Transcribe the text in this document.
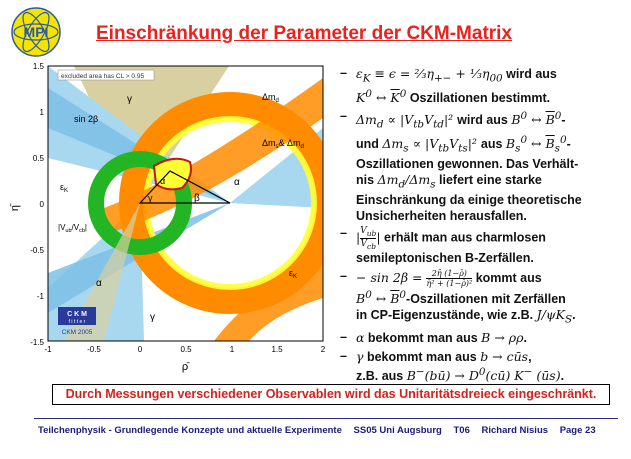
MPI	Einschränkung der Parameter der CKM-Matrix
excluded area has CL > 0.95
1.5
1
0.5
0
-0.5
-1
-1.5
-1	-0.5	0	0.5	1	1.5	2
ρ̄
η̄
γ	$\Delta m_d$
sin 2β
$\Delta m_s\&$ $\Delta m_d$
$\varepsilon_K$
α
γ	β
α
$|V_{ub}/V_{cb}|$
α
$\varepsilon_K$
γ
C K M
f i t t e r
CKM 2005
– $\varepsilon_K \equiv \epsilon$ = $\frac{2}{3}\eta_{+-}$ + $\frac{1}{3}\eta_{00}$ wird aus
$K^0$ ↔ $\overline{K}^0$ Oszillationen bestimmt.
– $\Delta m_d \propto |V_{tb}V_{td}|^2$ wird aus $B^0$ ↔ $\overline{B}^0-$
und $\Delta m_s \propto |V_{tb}V_{ts}|^2$ aus $B_s^0$ ↔ $\overline{B}_s^0-$
Oszillationen gewonnen. Das Verhält-
nis $\Delta m_d/\Delta m_s$ liefert eine starke
Einschränkung da einige theoretische
Unsicherheiten herausfallen.
– | $V_{ub}$
$V_{cb}$
| erhält man aus charmlosen
semileptonischen B-Zerfällen.
– − $\sin 2\beta = \frac{2\etā (1-\rhō)}{\text{η̄² + (1−ρ̄)²}}$ kommt aus
$B^0$ ↔ $\overline{B}^0$-Oszillationen mit Zerfällen
in CP-Eigenzustände, wie z.B. $J/\psi K_S$.
– α bekommt man aus B → ρρ.
– γ bekommt man aus b → cūs,
z.B. aus B−(bū) → $D^0(cū)$ K− (ūs).
Durch Messungen verschiedener Observablen wird das Unitaritätsdreieck eingeschränkt.
Teilchenphysik - Grundlegende Konzepte und aktuelle Experimente SS05 Uni Augsburg T06 Richard Nisius Page 23
